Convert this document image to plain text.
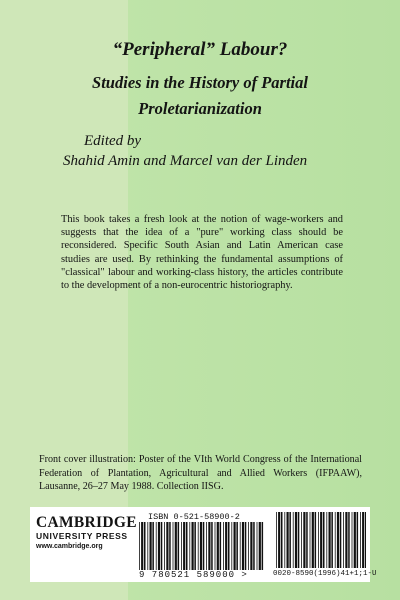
“Peripheral” Labour?
Studies in the History of Partial Proletarianization
Edited by
Shahid Amin and Marcel van der Linden

This book takes a fresh look at the notion of wage-workers and suggests that the idea of a "pure" working class should be reconsidered. Specific South Asian and Latin American case studies are used. By rethinking the fundamental assumptions of "classical" labour and working-class history, the articles contribute to the development of a non-eurocentric historiography.

Front cover illustration: Poster of the VIth World Congress of the International Federation of Plantation, Agricultural and Allied Workers (IFPAAW), Lausanne, 26–27 May 1988. Collection IISG.

CAMBRIDGE
UNIVERSITY PRESS
www.cambridge.org
ISBN 0-521-58900-2
9 780521 589000 >	0020-8590(1996)41+1;1-U
